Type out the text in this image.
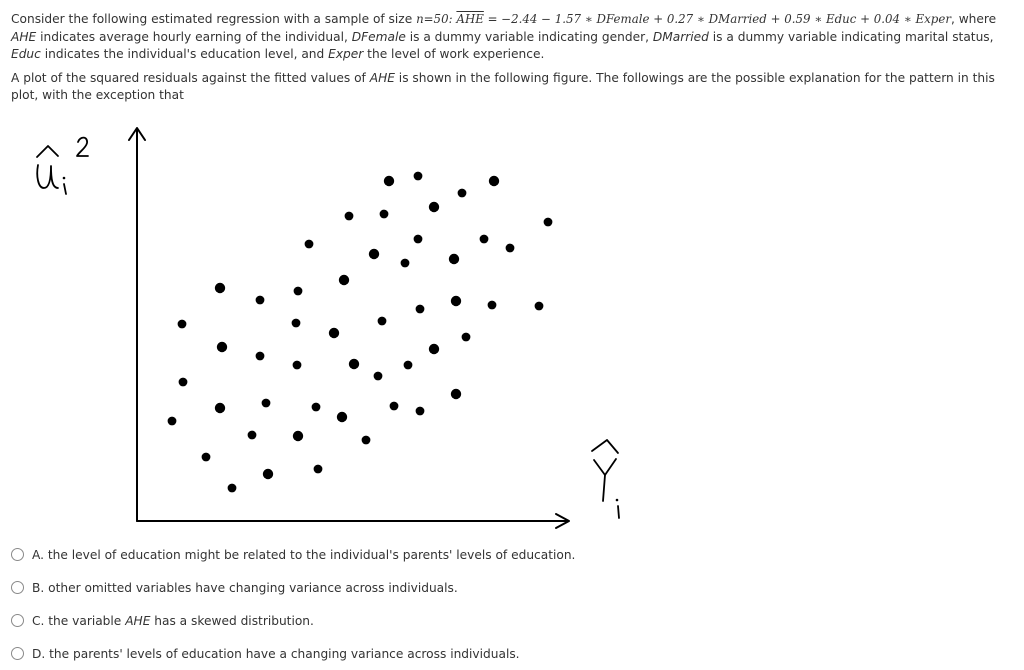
Consider the following estimated regression with a sample of size n=50: $\overline{AHE} = -2.44 - 1.57$ ∗ DFemale + 0.27 ∗ DMarried + 0.59 ∗ Educ + 0.04 ∗ Exper, where AHE indicates average hourly earning of the individual, DFemale is a dummy variable indicating gender, DMarried is a dummy variable indicating marital status, Educ indicates the individual's education level, and Exper the level of work experience.

A plot of the squared residuals against the fitted values of AHE is shown in the following figure. The followings are the possible explanation for the pattern in this plot, with the exception that

ûᵢ²
Ŷᵢ
A. the level of education might be related to the individual's parents' levels of education.
B. other omitted variables have changing variance across individuals.
C. the variable AHE has a skewed distribution.
D. the parents' levels of education have a changing variance across individuals.
